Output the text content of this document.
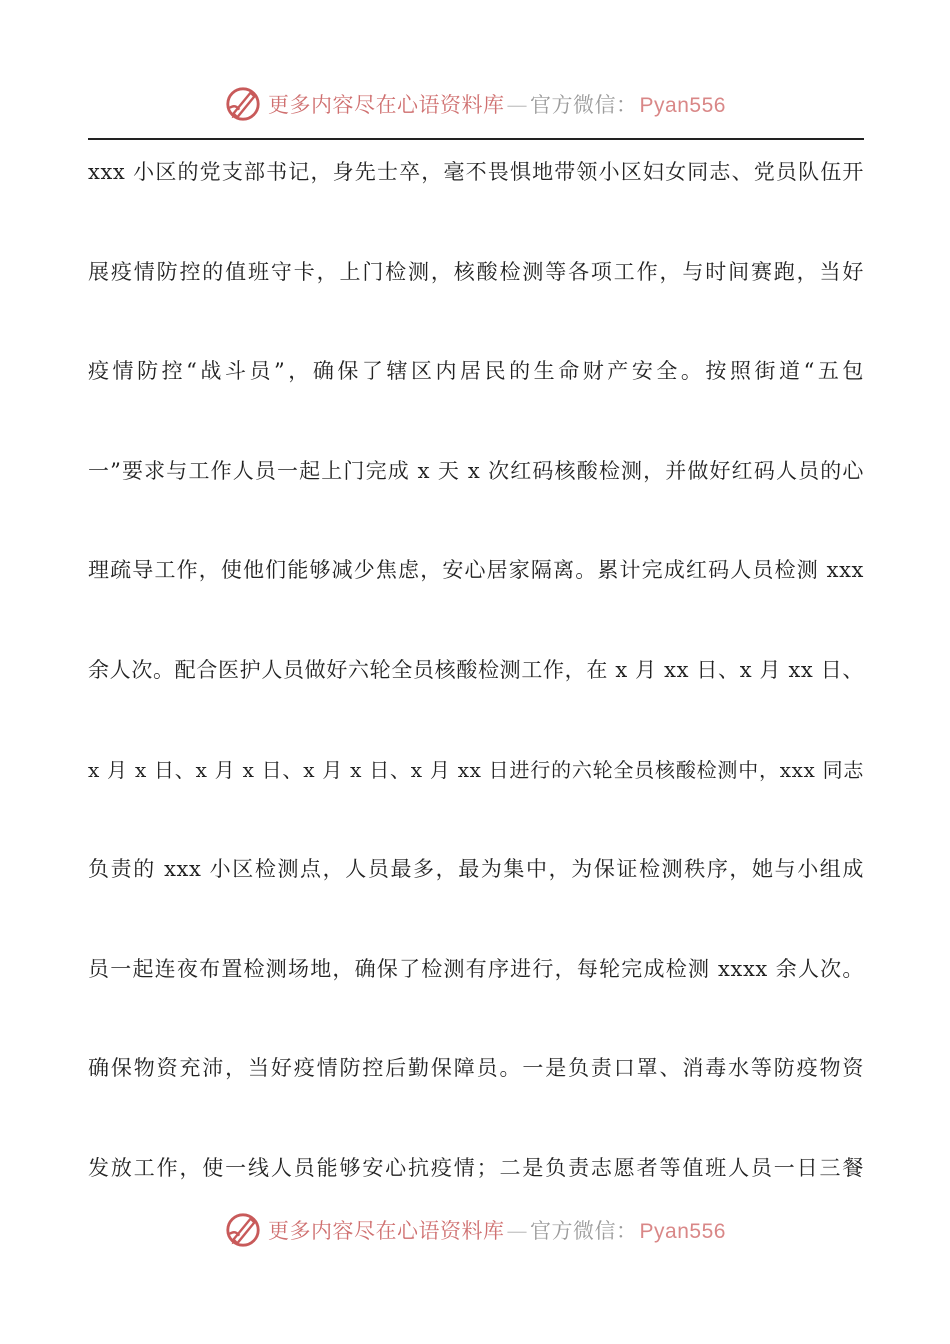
更多内容尽在心语资料库 — 官方微信： Pyan556
xxx 小区的党支部书记，身先士卒，毫不畏惧地带领小区妇女同志、党员队伍开
展疫情防控的值班守卡，上门检测，核酸检测等各项工作，与时间赛跑，当好
疫情防控“战斗员”，确保了辖区内居民的生命财产安全。按照街道“五包
一”要求与工作人员一起上门完成 x 天 x 次红码核酸检测，并做好红码人员的心
理疏导工作，使他们能够减少焦虑，安心居家隔离。累计完成红码人员检测 xxx
余人次。配合医护人员做好六轮全员核酸检测工作，在 x 月 xx 日、x 月 xx 日、
x 月 x 日、x 月 x 日、x 月 x 日、x 月 xx 日进行的六轮全员核酸检测中，xxx 同志
负责的 xxx 小区检测点，人员最多，最为集中，为保证检测秩序，她与小组成
员一起连夜布置检测场地，确保了检测有序进行，每轮完成检测 xxxx 余人次。
确保物资充沛，当好疫情防控后勤保障员。一是负责口罩、消毒水等防疫物资
发放工作，使一线人员能够安心抗疫情；二是负责志愿者等值班人员一日三餐
更多内容尽在心语资料库 — 官方微信： Pyan556
